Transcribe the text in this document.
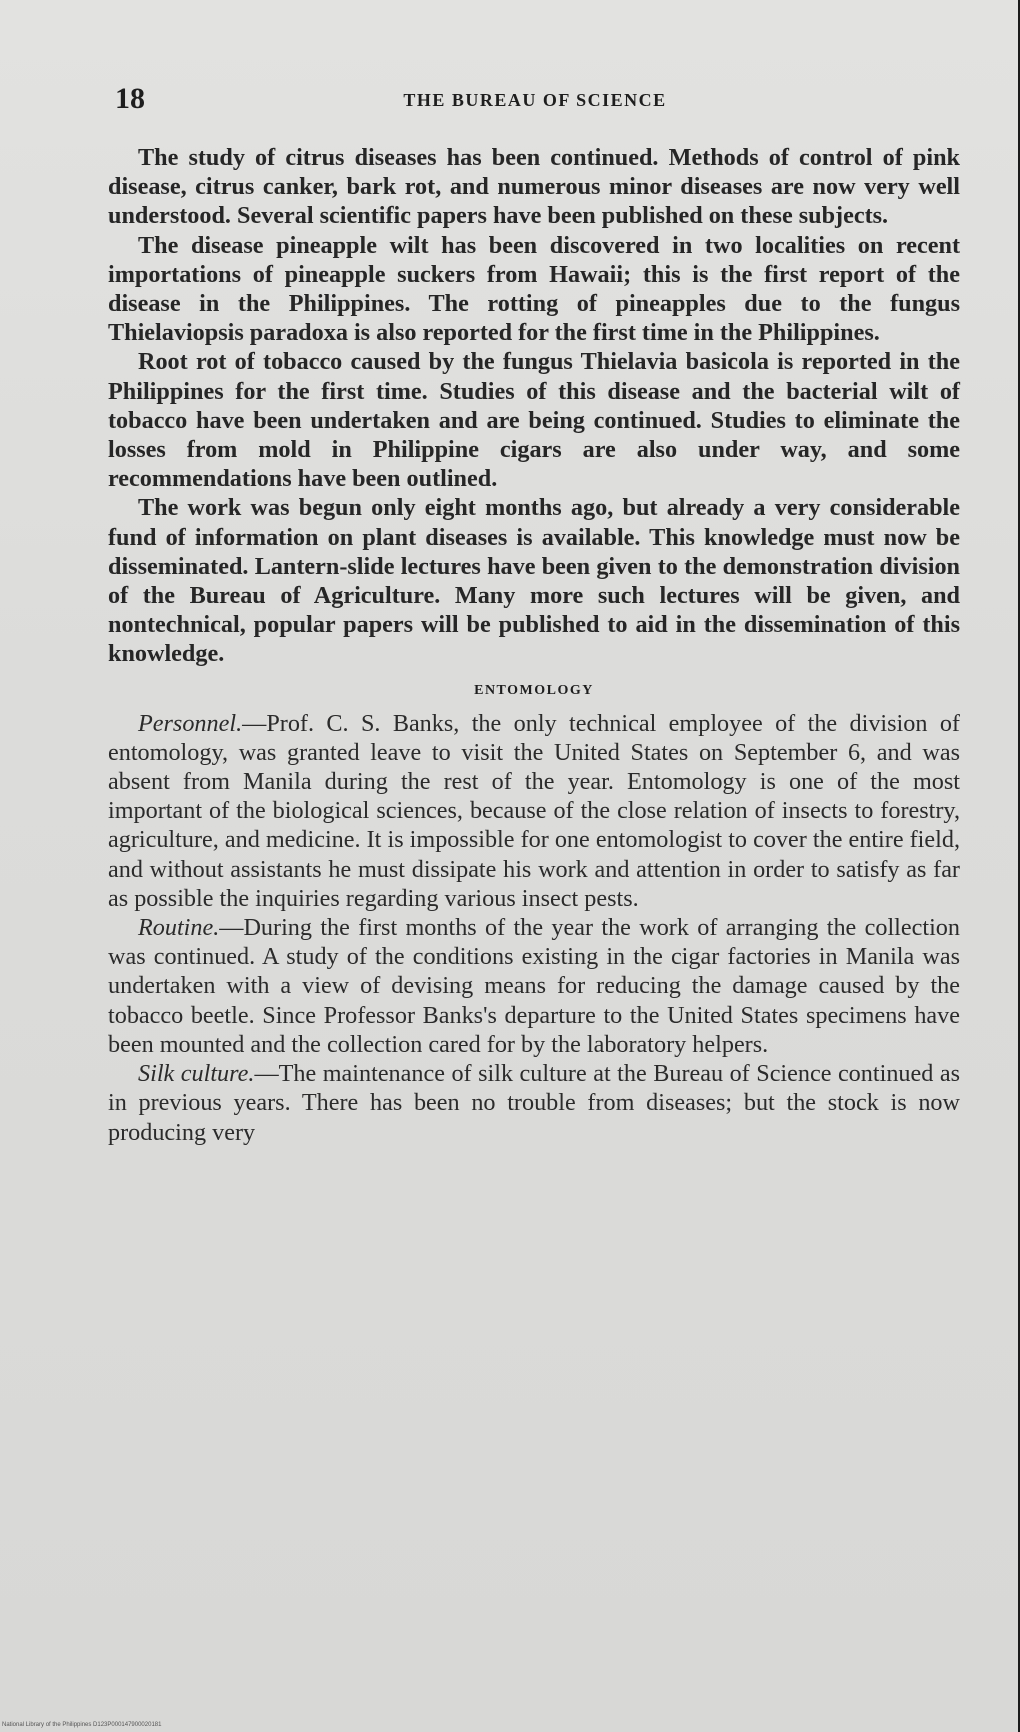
18	THE BUREAU OF SCIENCE

The study of citrus diseases has been continued. Methods of control of pink disease, citrus canker, bark rot, and numerous minor diseases are now very well understood. Several scientific papers have been published on these subjects.

The disease pineapple wilt has been discovered in two localities on recent importations of pineapple suckers from Hawaii; this is the first report of the disease in the Philippines. The rotting of pineapples due to the fungus Thielaviopsis paradoxa is also reported for the first time in the Philippines.

Root rot of tobacco caused by the fungus Thielavia basicola is reported in the Philippines for the first time. Studies of this disease and the bacterial wilt of tobacco have been undertaken and are being continued. Studies to eliminate the losses from mold in Philippine cigars are also under way, and some recommendations have been outlined.

The work was begun only eight months ago, but already a very considerable fund of information on plant diseases is available. This knowledge must now be disseminated. Lantern-slide lectures have been given to the demonstration division of the Bureau of Agriculture. Many more such lectures will be given, and nontechnical, popular papers will be published to aid in the dissemination of this knowledge.

ENTOMOLOGY

Personnel.—Prof. C. S. Banks, the only technical employee of the division of entomology, was granted leave to visit the United States on September 6, and was absent from Manila during the rest of the year. Entomology is one of the most important of the biological sciences, because of the close relation of insects to forestry, agriculture, and medicine. It is impossible for one entomologist to cover the entire field, and without assistants he must dissipate his work and attention in order to satisfy as far as possible the inquiries regarding various insect pests.

Routine.—During the first months of the year the work of arranging the collection was continued. A study of the conditions existing in the cigar factories in Manila was undertaken with a view of devising means for reducing the damage caused by the tobacco beetle. Since Professor Banks's departure to the United States specimens have been mounted and the collection cared for by the laboratory helpers.

Silk culture.—The maintenance of silk culture at the Bureau of Science continued as in previous years. There has been no trouble from diseases; but the stock is now producing very

National Library of the Philippines D123P000147900020181
